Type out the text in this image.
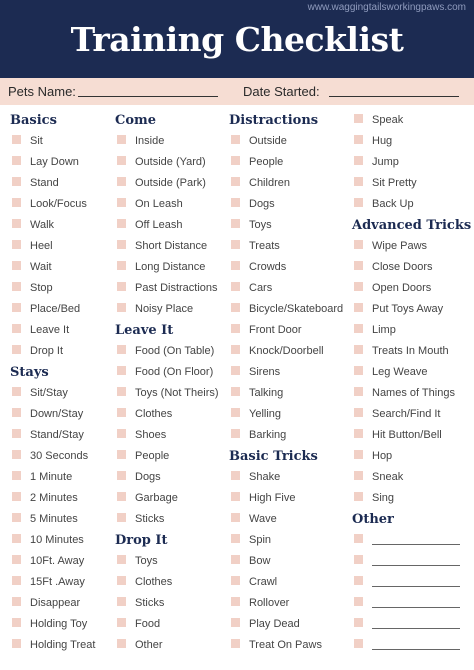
www.waggingtailsworkingpaws.com
Training Checklist
Pets Name:	Date Started:
Basics
Sit
Lay Down
Stand
Look/Focus
Walk
Heel
Wait
Stop
Place/Bed
Leave It
Drop It
Stays
Sit/Stay
Down/Stay
Stand/Stay
30 Seconds
1 Minute
2 Minutes
5 Minutes
10 Minutes
10Ft. Away
15Ft .Away
Disappear
Holding Toy
Holding Treat
Come
Inside
Outside (Yard)
Outside (Park)
On Leash
Off Leash
Short Distance
Long Distance
Past Distractions
Noisy Place
Leave It
Food (On Table)
Food (On Floor)
Toys (Not Theirs)
Clothes
Shoes
People
Dogs
Garbage
Sticks
Drop It
Toys
Clothes
Sticks
Food
Other
Distractions
Outside
People
Children
Dogs
Toys
Treats
Crowds
Cars
Bicycle/Skateboard
Front Door
Knock/Doorbell
Sirens
Talking
Yelling
Barking
Basic Tricks
Shake
High Five
Wave
Spin
Bow
Crawl
Rollover
Play Dead
Treat On Paws
Speak
Hug
Jump
Sit Pretty
Back Up
Advanced Tricks
Wipe Paws
Close Doors
Open Doors
Put Toys Away
Limp
Treats In Mouth
Leg Weave
Names of Things
Search/Find It
Hit Button/Bell
Hop
Sneak
Sing
Other
